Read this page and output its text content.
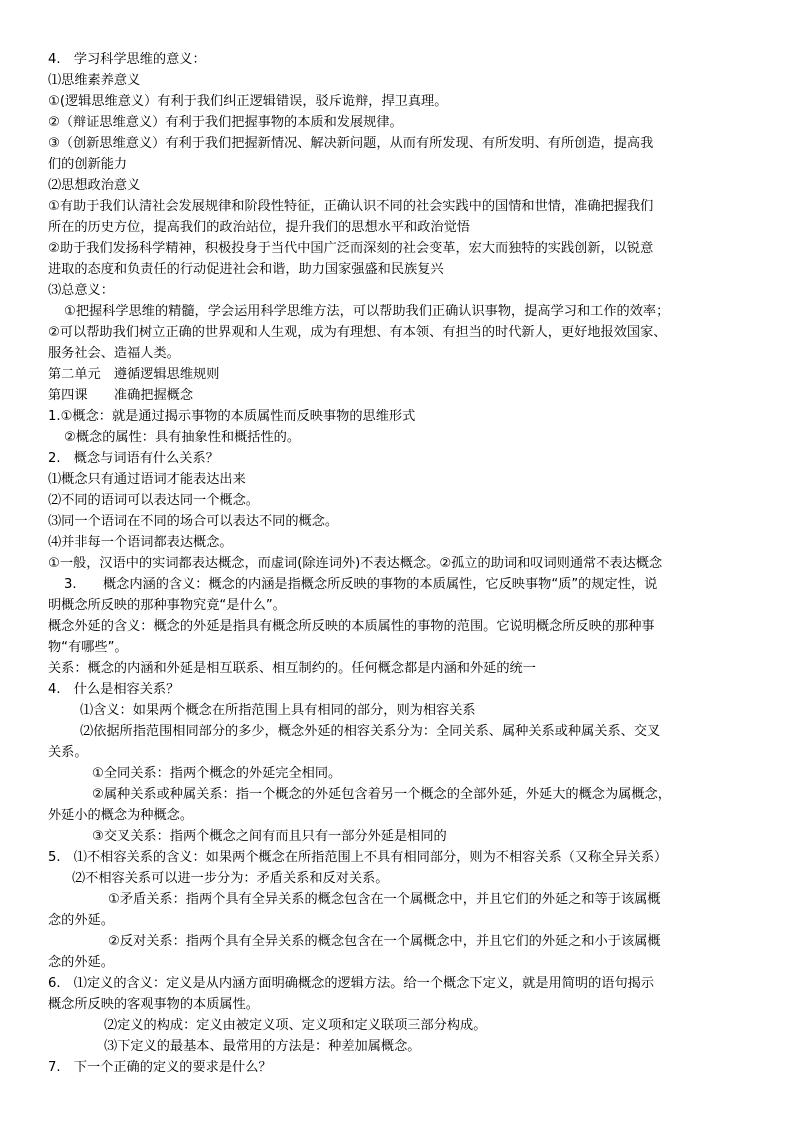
4.　学习科学思维的意义：
⑴思维素养意义
①(逻辑思维意义）有利于我们纠正逻辑错误，驳斥诡辩，捍卫真理。
②（辩证思维意义）有利于我们把握事物的本质和发展规律。
③（创新思维意义）有利于我们把握新情况、解决新问题，从而有所发现、有所发明、有所创造，提高我
们的创新能力
⑵思想政治意义
①有助于我们认清社会发展规律和阶段性特征，正确认识不同的社会实践中的国情和世情，准确把握我们
所在的历史方位，提高我们的政治站位，提升我们的思想水平和政治觉悟
②助于我们发扬科学精神，积极投身于当代中国广泛而深刻的社会变革，宏大而独特的实践创新，以锐意
进取的态度和负责任的行动促进社会和谐，助力国家强盛和民族复兴
⑶总意义：
①把握科学思维的精髓，学会运用科学思维方法，可以帮助我们正确认识事物，提高学习和工作的效率；
②可以帮助我们树立正确的世界观和人生观，成为有理想、有本领、有担当的时代新人，更好地报效国家、
服务社会、造福人类。
第二单元　遵循逻辑思维规则
第四课　　准确把握概念
1.①概念：就是通过揭示事物的本质属性而反映事物的思维形式
②概念的属性：具有抽象性和概括性的。
2.　概念与词语有什么关系？
⑴概念只有通过语词才能表达出来
⑵不同的语词可以表达同一个概念。
⑶同一个语词在不同的场合可以表达不同的概念。
⑷并非每一个语词都表达概念。
①一般，汉语中的实词都表达概念，而虚词(除连词外)不表达概念。②孤立的助词和叹词则通常不表达概念
3.　　概念内涵的含义：概念的内涵是指概念所反映的事物的本质属性，它反映事物“质”的规定性，说
明概念所反映的那种事物究竟“是什么”。
概念外延的含义：概念的外延是指具有概念所反映的本质属性的事物的范围。它说明概念所反映的那种事
物“有哪些”。
关系：概念的内涵和外延是相互联系、相互制约的。任何概念都是内涵和外延的统一
4.　什么是相容关系？
⑴含义：如果两个概念在所指范围上具有相同的部分，则为相容关系
⑵依据所指范围相同部分的多少，概念外延的相容关系分为：全同关系、属种关系或种属关系、交叉
关系。
①全同关系：指两个概念的外延完全相同。
②属种关系或种属关系：指一个概念的外延包含着另一个概念的全部外延，外延大的概念为属概念，
外延小的概念为种概念。
③交叉关系：指两个概念之间有而且只有一部分外延是相同的
5.　⑴不相容关系的含义：如果两个概念在所指范围上不具有相同部分，则为不相容关系（又称全异关系）
⑵不相容关系可以进一步分为：矛盾关系和反对关系。
①矛盾关系：指两个具有全异关系的概念包含在一个属概念中，并且它们的外延之和等于该属概
念的外延。
②反对关系：指两个具有全异关系的概念包含在一个属概念中，并且它们的外延之和小于该属概
念的外延。
6.　⑴定义的含义：定义是从内涵方面明确概念的逻辑方法。给一个概念下定义，就是用简明的语句揭示
概念所反映的客观事物的本质属性。
⑵定义的构成：定义由被定义项、定义项和定义联项三部分构成。
⑶下定义的最基本、最常用的方法是：种差加属概念。
7.　下一个正确的定义的要求是什么？
